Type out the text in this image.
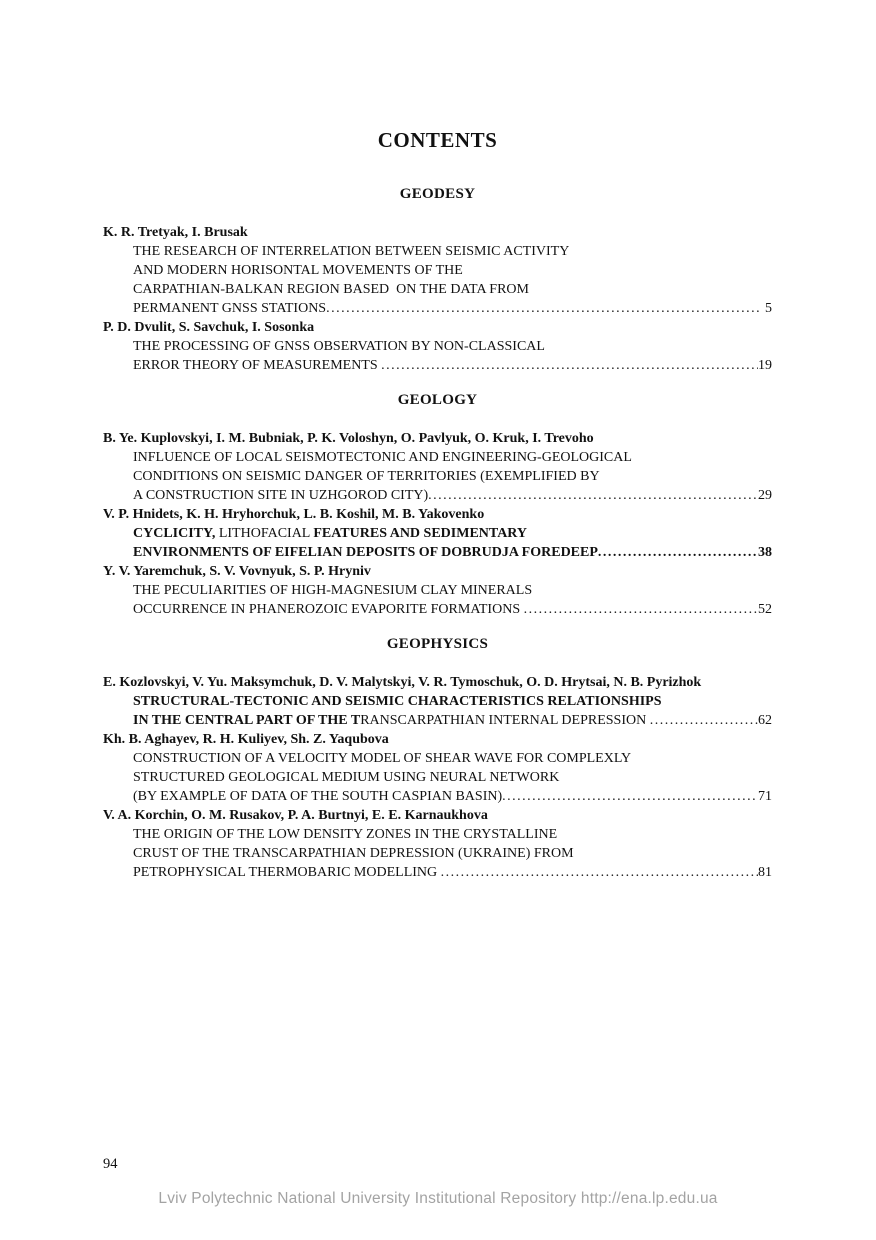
CONTENTS
GEODESY
K. R. Tretyak, I. Brusak
THE RESEARCH OF INTERRELATION BETWEEN SEISMIC ACTIVITY
AND MODERN HORISONTAL MOVEMENTS OF THE
CARPATHIAN-BALKAN REGION BASED  ON THE DATA FROM
PERMANENT GNSS STATIONS .....	5
P. D. Dvulit, S. Savchuk, I. Sosonka
THE PROCESSING OF GNSS OBSERVATION BY NON-CLASSICAL
ERROR THEORY OF MEASUREMENTS .....	19
GEOLOGY
B. Ye. Kuplovskyi, I. M. Bubniak, P. K. Voloshyn, O. Pavlyuk, O. Kruk, I. Trevoho
INFLUENCE OF LOCAL SEISMOTECTONIC AND ENGINEERING-GEOLOGICAL
CONDITIONS ON SEISMIC DANGER OF TERRITORIES (EXEMPLIFIED BY
A CONSTRUCTION SITE IN UZHGOROD CITY) .....	29
V. P. Hnidets, K. H. Hryhorchuk, L. B. Koshil, M. B. Yakovenko
CYCLICITY, LITHOFACIAL FEATURES AND SEDIMENTARY
ENVIRONMENTS OF EIFELIAN DEPOSITS OF DOBRUDJA FOREDEEP .....	38
Y. V. Yaremchuk, S. V. Vovnyuk, S. P. Hryniv
THE PECULIARITIES OF HIGH-MAGNESIUM CLAY MINERALS
OCCURRENCE IN PHANEROZOIC EVAPORITE FORMATIONS .....	52
GEOPHYSICS
E. Kozlovskyi, V. Yu. Maksymchuk, D. V. Malytskyi, V. R. Tymoschuk, O. D. Hrytsai, N. B. Pyrizhok
STRUCTURAL-TECTONIC AND SEISMIC CHARACTERISTICS RELATIONSHIPS
IN THE CENTRAL PART OF THE TRANSCARPATHIAN INTERNAL DEPRESSION .....	62
Kh. B. Aghayev, R. H. Kuliyev, Sh. Z. Yaqubova
CONSTRUCTION OF A VELOCITY MODEL OF SHEAR WAVE FOR COMPLEXLY
STRUCTURED GEOLOGICAL MEDIUM USING NEURAL NETWORK
(BY EXAMPLE OF DATA OF THE SOUTH CASPIAN BASIN) .....	71
V. A. Korchin, O. M. Rusakov, P. A. Burtnyi, E. E. Karnaukhova
THE ORIGIN OF THE LOW DENSITY ZONES IN THE CRYSTALLINE
CRUST OF THE TRANSCARPATHIAN DEPRESSION (UKRAINE) FROM
PETROPHYSICAL THERMOBARIC MODELLING .....	81
94
Lviv Polytechnic National University Institutional Repository http://ena.lp.edu.ua
